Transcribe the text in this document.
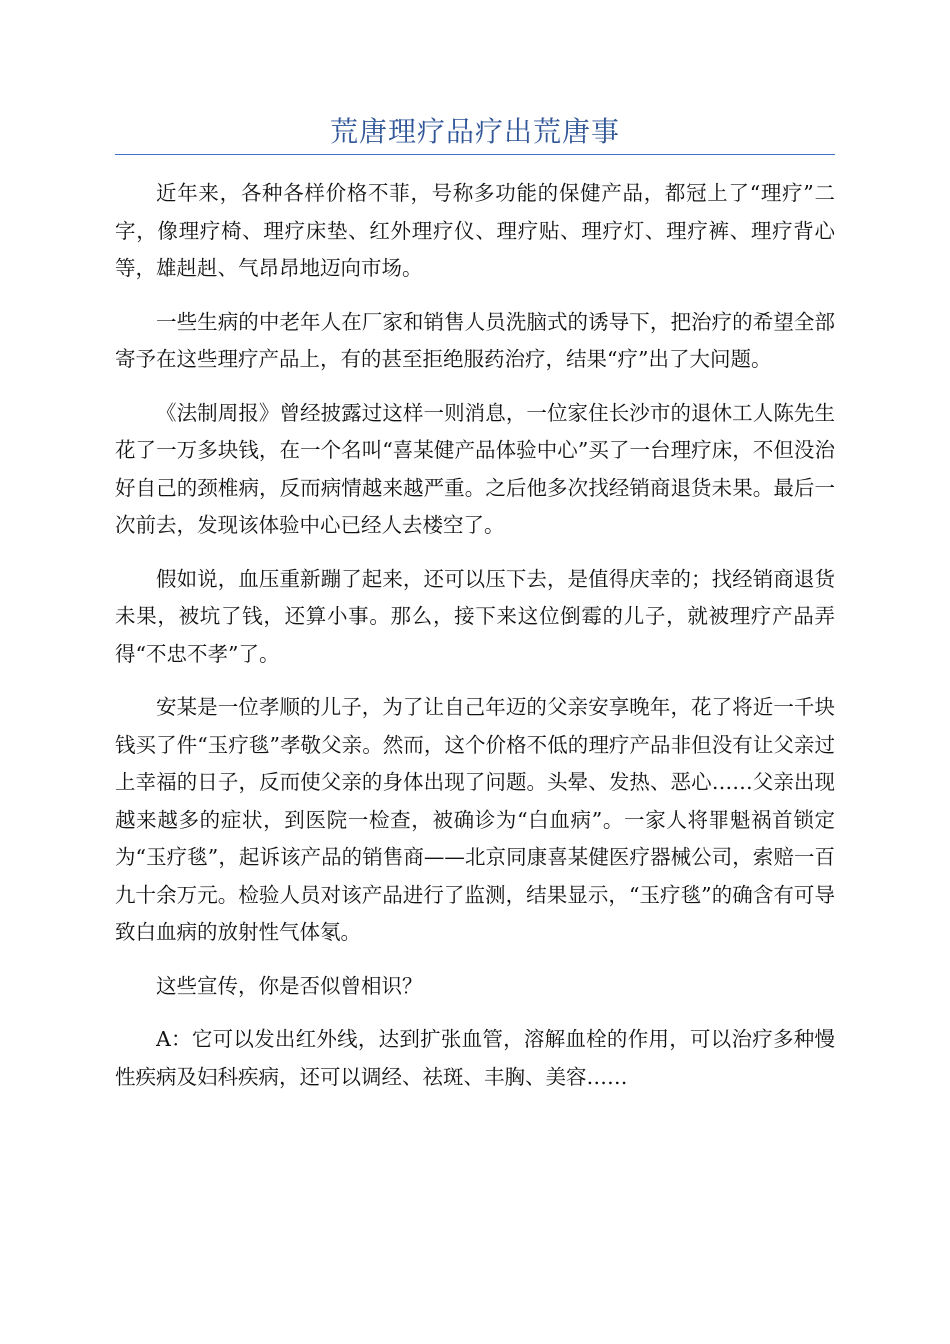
荒唐理疗品疗出荒唐事

近年来，各种各样价格不菲，号称多功能的保健产品，都冠上了“理疗”二字，像理疗椅、理疗床垫、红外理疗仪、理疗贴、理疗灯、理疗裤、理疗背心等，雄赳赳、气昂昂地迈向市场。

一些生病的中老年人在厂家和销售人员洗脑式的诱导下，把治疗的希望全部寄予在这些理疗产品上，有的甚至拒绝服药治疗，结果“疗”出了大问题。

《法制周报》曾经披露过这样一则消息，一位家住长沙市的退休工人陈先生花了一万多块钱，在一个名叫“喜某健产品体验中心”买了一台理疗床，不但没治好自己的颈椎病，反而病情越来越严重。之后他多次找经销商退货未果。最后一次前去，发现该体验中心已经人去楼空了。

假如说，血压重新蹦了起来，还可以压下去，是值得庆幸的；找经销商退货未果，被坑了钱，还算小事。那么，接下来这位倒霉的儿子，就被理疗产品弄得“不忠不孝”了。

安某是一位孝顺的儿子，为了让自己年迈的父亲安享晚年，花了将近一千块钱买了件“玉疗毯”孝敬父亲。然而，这个价格不低的理疗产品非但没有让父亲过上幸福的日子，反而使父亲的身体出现了问题。头晕、发热、恶心……父亲出现越来越多的症状，到医院一检查，被确诊为“白血病”。一家人将罪魁祸首锁定为“玉疗毯”，起诉该产品的销售商——北京同康喜某健医疗器械公司，索赔一百九十余万元。检验人员对该产品进行了监测，结果显示，“玉疗毯”的确含有可导致白血病的放射性气体氡。

这些宣传，你是否似曾相识？

A：它可以发出红外线，达到扩张血管，溶解血栓的作用，可以治疗多种慢性疾病及妇科疾病，还可以调经、祛斑、丰胸、美容……
